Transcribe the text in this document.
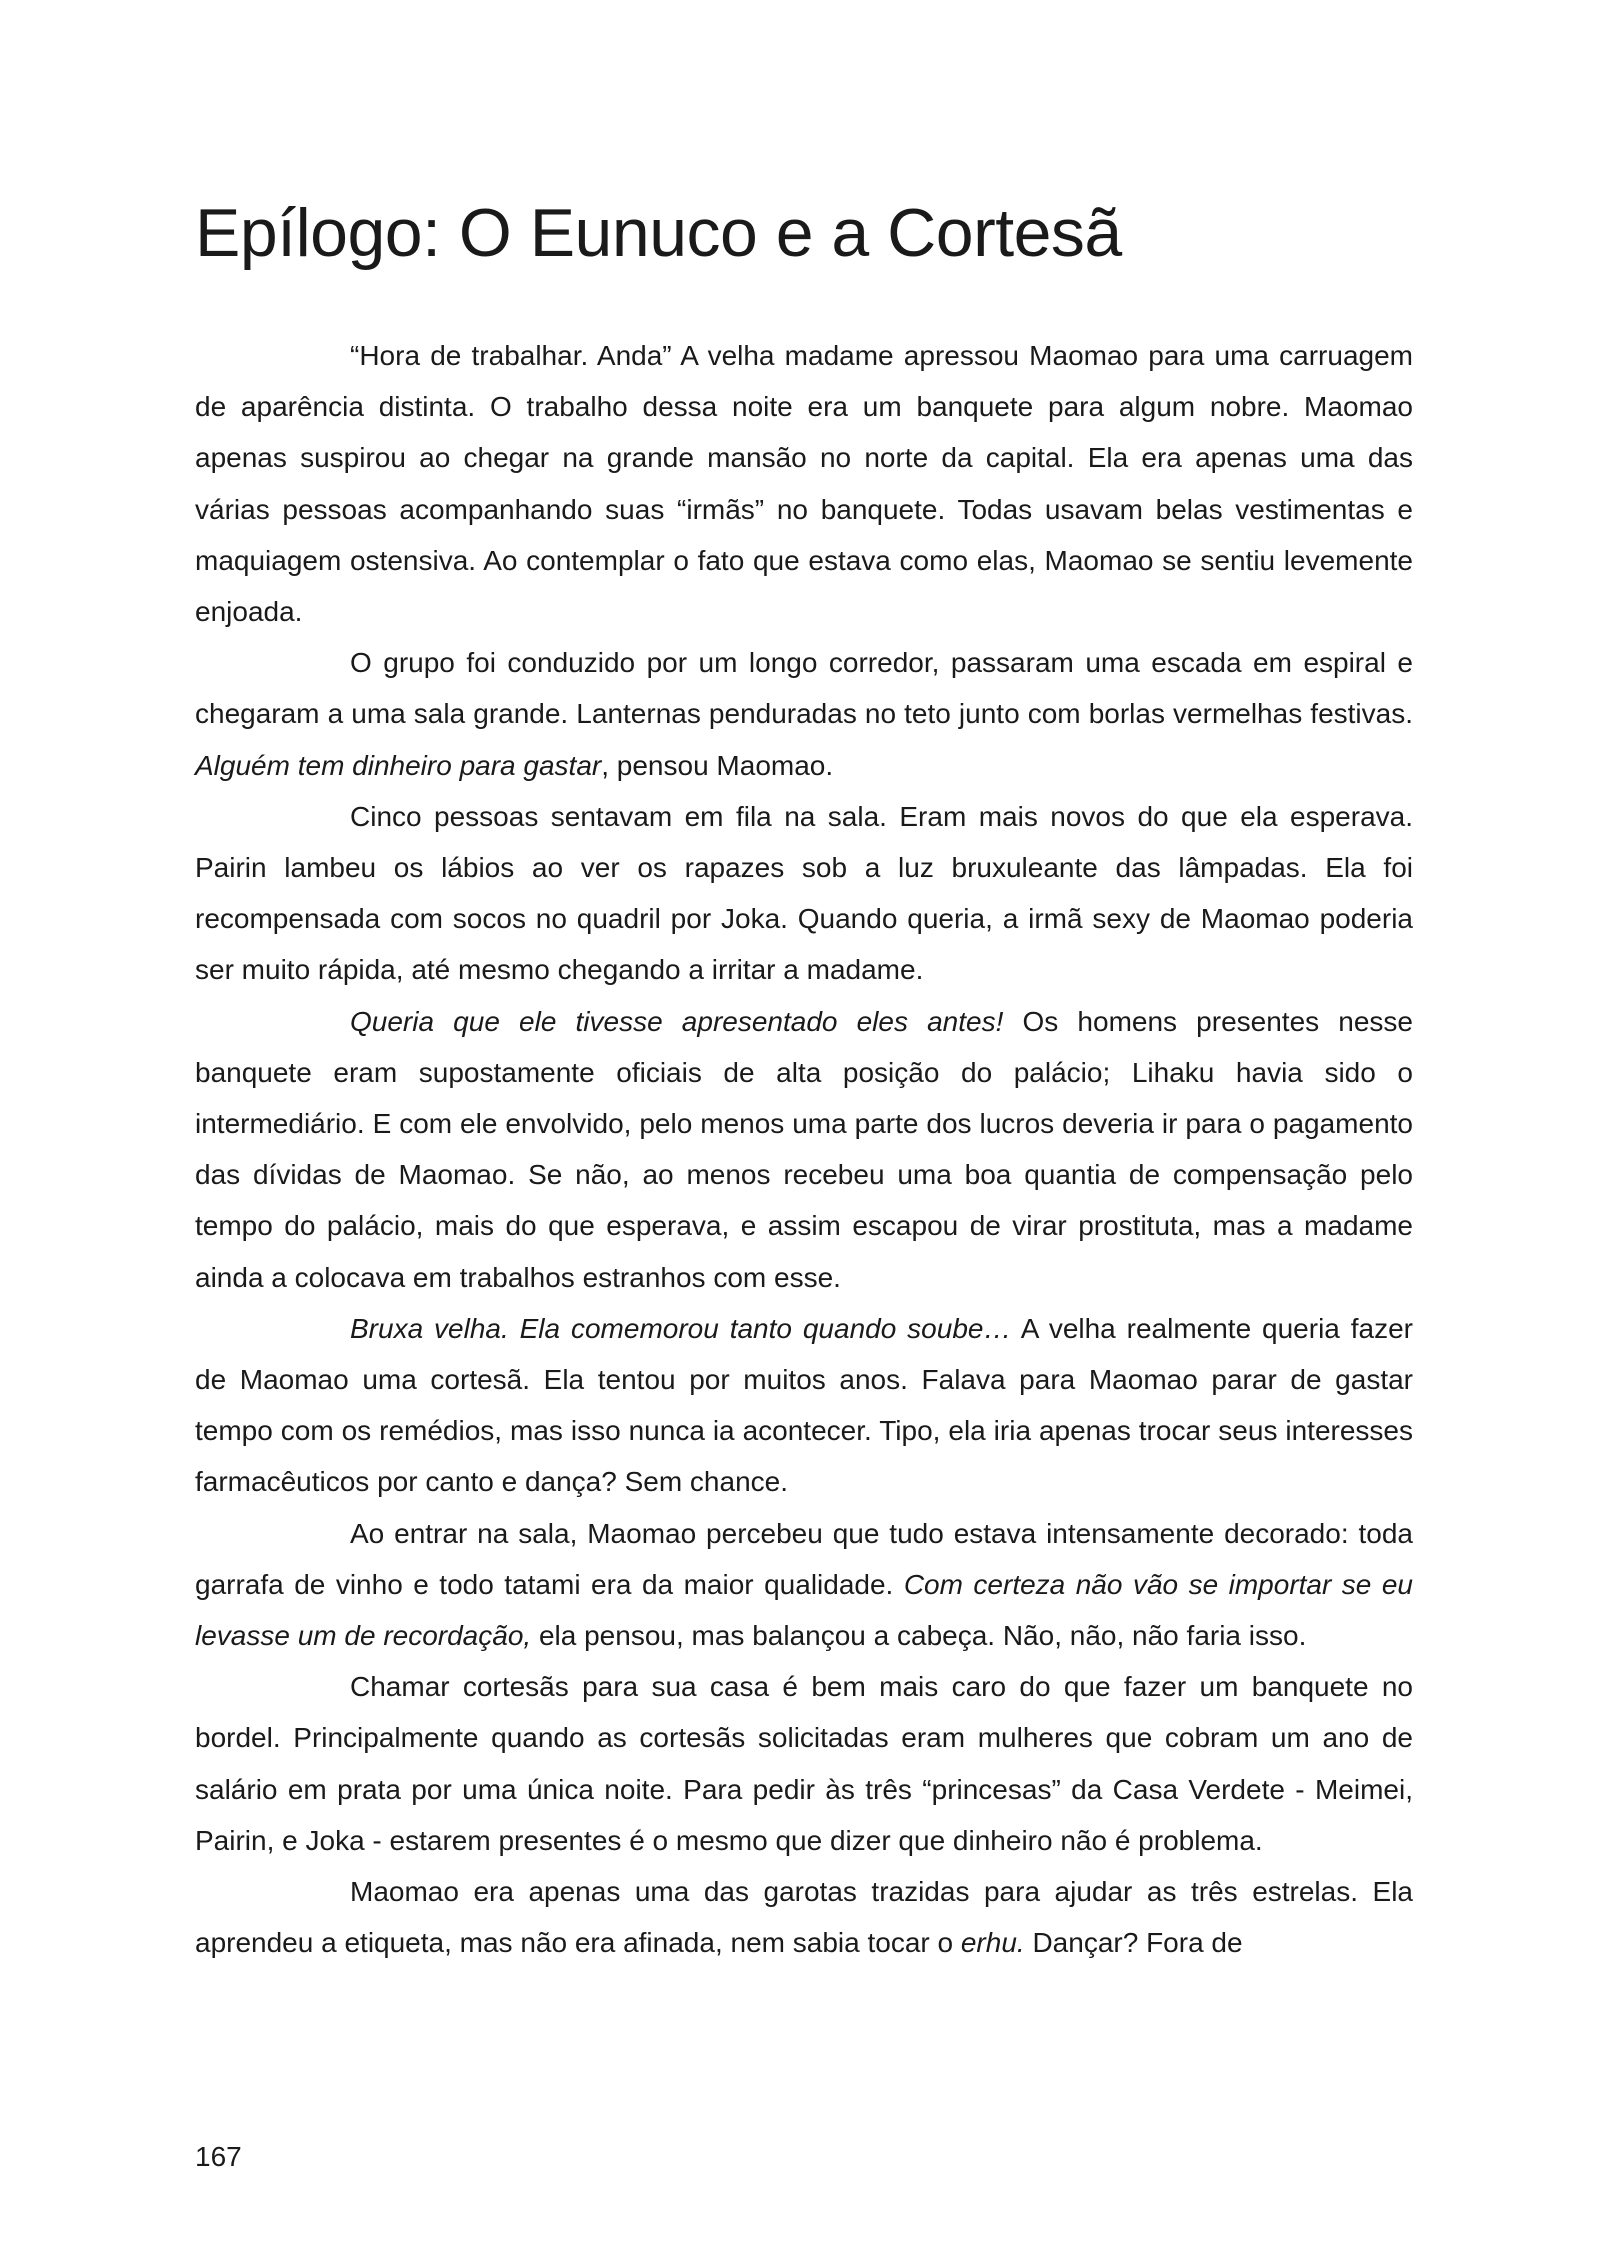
Epílogo: O Eunuco e a Cortesã

“Hora de trabalhar. Anda” A velha madame apressou Maomao para uma carruagem de aparência distinta. O trabalho dessa noite era um banquete para algum nobre. Maomao apenas suspirou ao chegar na grande mansão no norte da capital. Ela era apenas uma das várias pessoas acompanhando suas “irmãs” no banquete. Todas usavam belas vestimentas e maquiagem ostensiva. Ao contemplar o fato que estava como elas, Maomao se sentiu levemente enjoada.

O grupo foi conduzido por um longo corredor, passaram uma escada em espiral e chegaram a uma sala grande. Lanternas penduradas no teto junto com borlas vermelhas festivas. Alguém tem dinheiro para gastar, pensou Maomao.

Cinco pessoas sentavam em fila na sala. Eram mais novos do que ela esperava. Pairin lambeu os lábios ao ver os rapazes sob a luz bruxuleante das lâmpadas. Ela foi recompensada com socos no quadril por Joka. Quando queria, a irmã sexy de Maomao poderia ser muito rápida, até mesmo chegando a irritar a madame.

Queria que ele tivesse apresentado eles antes! Os homens presentes nesse banquete eram supostamente oficiais de alta posição do palácio; Lihaku havia sido o intermediário. E com ele envolvido, pelo menos uma parte dos lucros deveria ir para o pagamento das dívidas de Maomao. Se não, ao menos recebeu uma boa quantia de compensação pelo tempo do palácio, mais do que esperava, e assim escapou de virar prostituta, mas a madame ainda a colocava em trabalhos estranhos com esse.

Bruxa velha. Ela comemorou tanto quando soube… A velha realmente queria fazer de Maomao uma cortesã. Ela tentou por muitos anos. Falava para Maomao parar de gastar tempo com os remédios, mas isso nunca ia acontecer. Tipo, ela iria apenas trocar seus interesses farmacêuticos por canto e dança? Sem chance.

Ao entrar na sala, Maomao percebeu que tudo estava intensamente decorado: toda garrafa de vinho e todo tatami era da maior qualidade. Com certeza não vão se importar se eu levasse um de recordação, ela pensou, mas balançou a cabeça. Não, não, não faria isso.

Chamar cortesãs para sua casa é bem mais caro do que fazer um banquete no bordel. Principalmente quando as cortesãs solicitadas eram mulheres que cobram um ano de salário em prata por uma única noite. Para pedir às três “princesas” da Casa Verdete - Meimei, Pairin, e Joka - estarem presentes é o mesmo que dizer que dinheiro não é problema.

Maomao era apenas uma das garotas trazidas para ajudar as três estrelas. Ela aprendeu a etiqueta, mas não era afinada, nem sabia tocar o erhu. Dançar? Fora de

167
